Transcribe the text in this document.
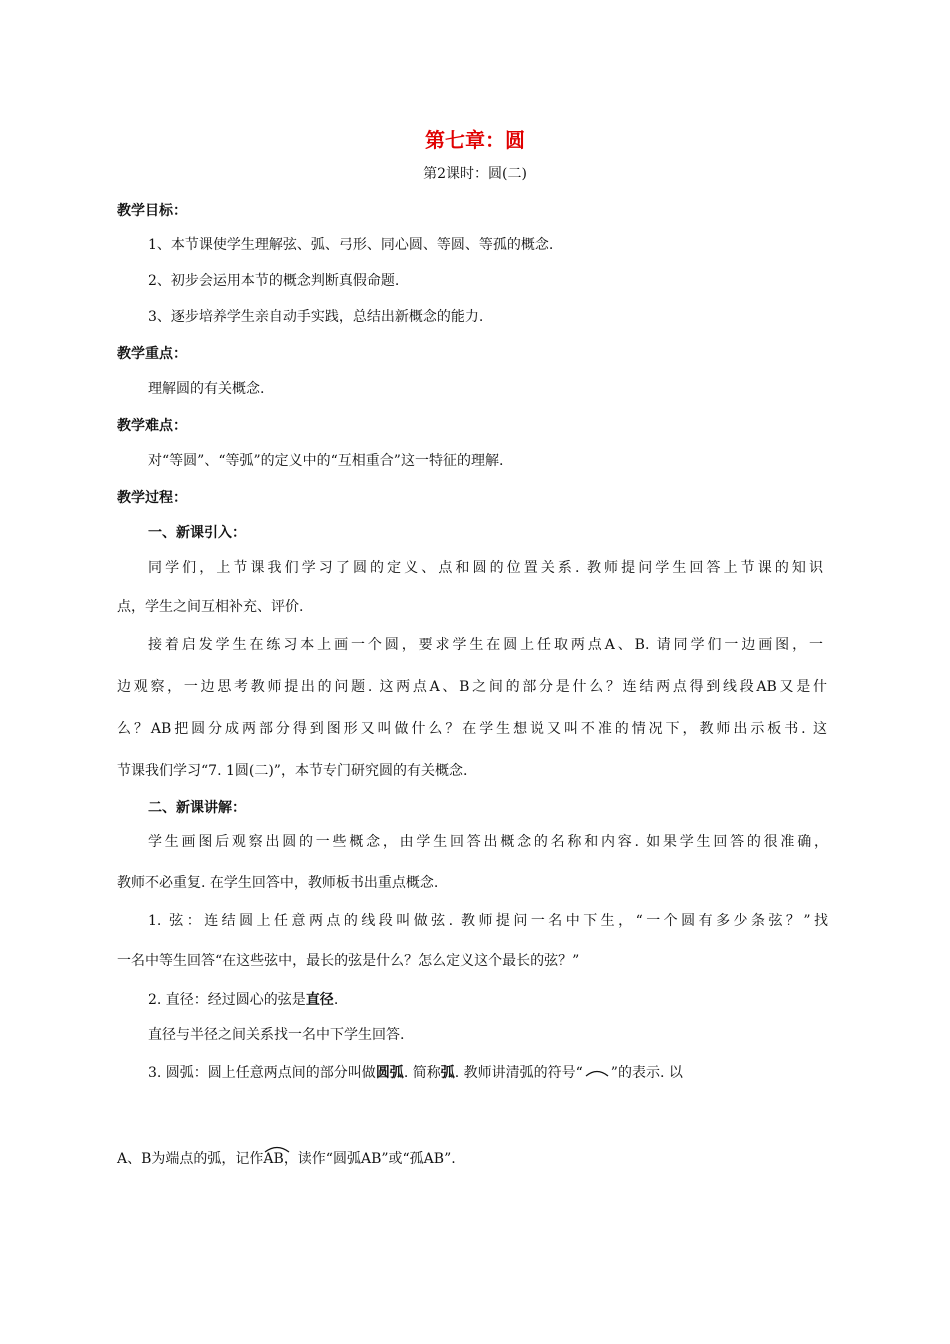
第七章：圆
第2课时：圆(二)
教学目标：
1、本节课使学生理解弦、弧、弓形、同心圆、等圆、等孤的概念.
2、初步会运用本节的概念判断真假命题.
3、逐步培养学生亲自动手实践，总结出新概念的能力.
教学重点：
理解圆的有关概念.
教学难点：
对“等圆”、“等弧”的定义中的“互相重合”这一特征的理解.
教学过程：
一、新课引入：
同学们，上节课我们学习了圆的定义、点和圆的位置关系. 教师提问学生回答上节课的知识
点，学生之间互相补充、评价.
接着启发学生在练习本上画一个圆，要求学生在圆上任取两点A、B. 请同学们一边画图，一
边观察，一边思考教师提出的问题. 这两点A、B之间的部分是什么？连结两点得到线段AB又是什
么？AB把圆分成两部分得到图形又叫做什么？在学生想说又叫不准的情况下，教师出示板书. 这
节课我们学习“7. 1圆(二)”，本节专门研究圆的有关概念.
二、新课讲解：
学生画图后观察出圆的一些概念，由学生回答出概念的名称和内容. 如果学生回答的很准确，
教师不必重复. 在学生回答中，教师板书出重点概念.
1. 弦：连结圆上任意两点的线段叫做弦. 教师提问一名中下生，“一个圆有多少条弦？”找
一名中等生回答“在这些弦中，最长的弦是什么？怎么定义这个最长的弦？”
2. 直径：经过圆心的弦是直径.
直径与半径之间关系找一名中下学生回答.
3. 圆弧：圆上任意两点间的部分叫做圆弧. 简称弧. 教师讲清弧的符号“ ”的表示. 以
A、B为端点的弧，记作
AB，读作“圆弧AB”或“孤AB”.
